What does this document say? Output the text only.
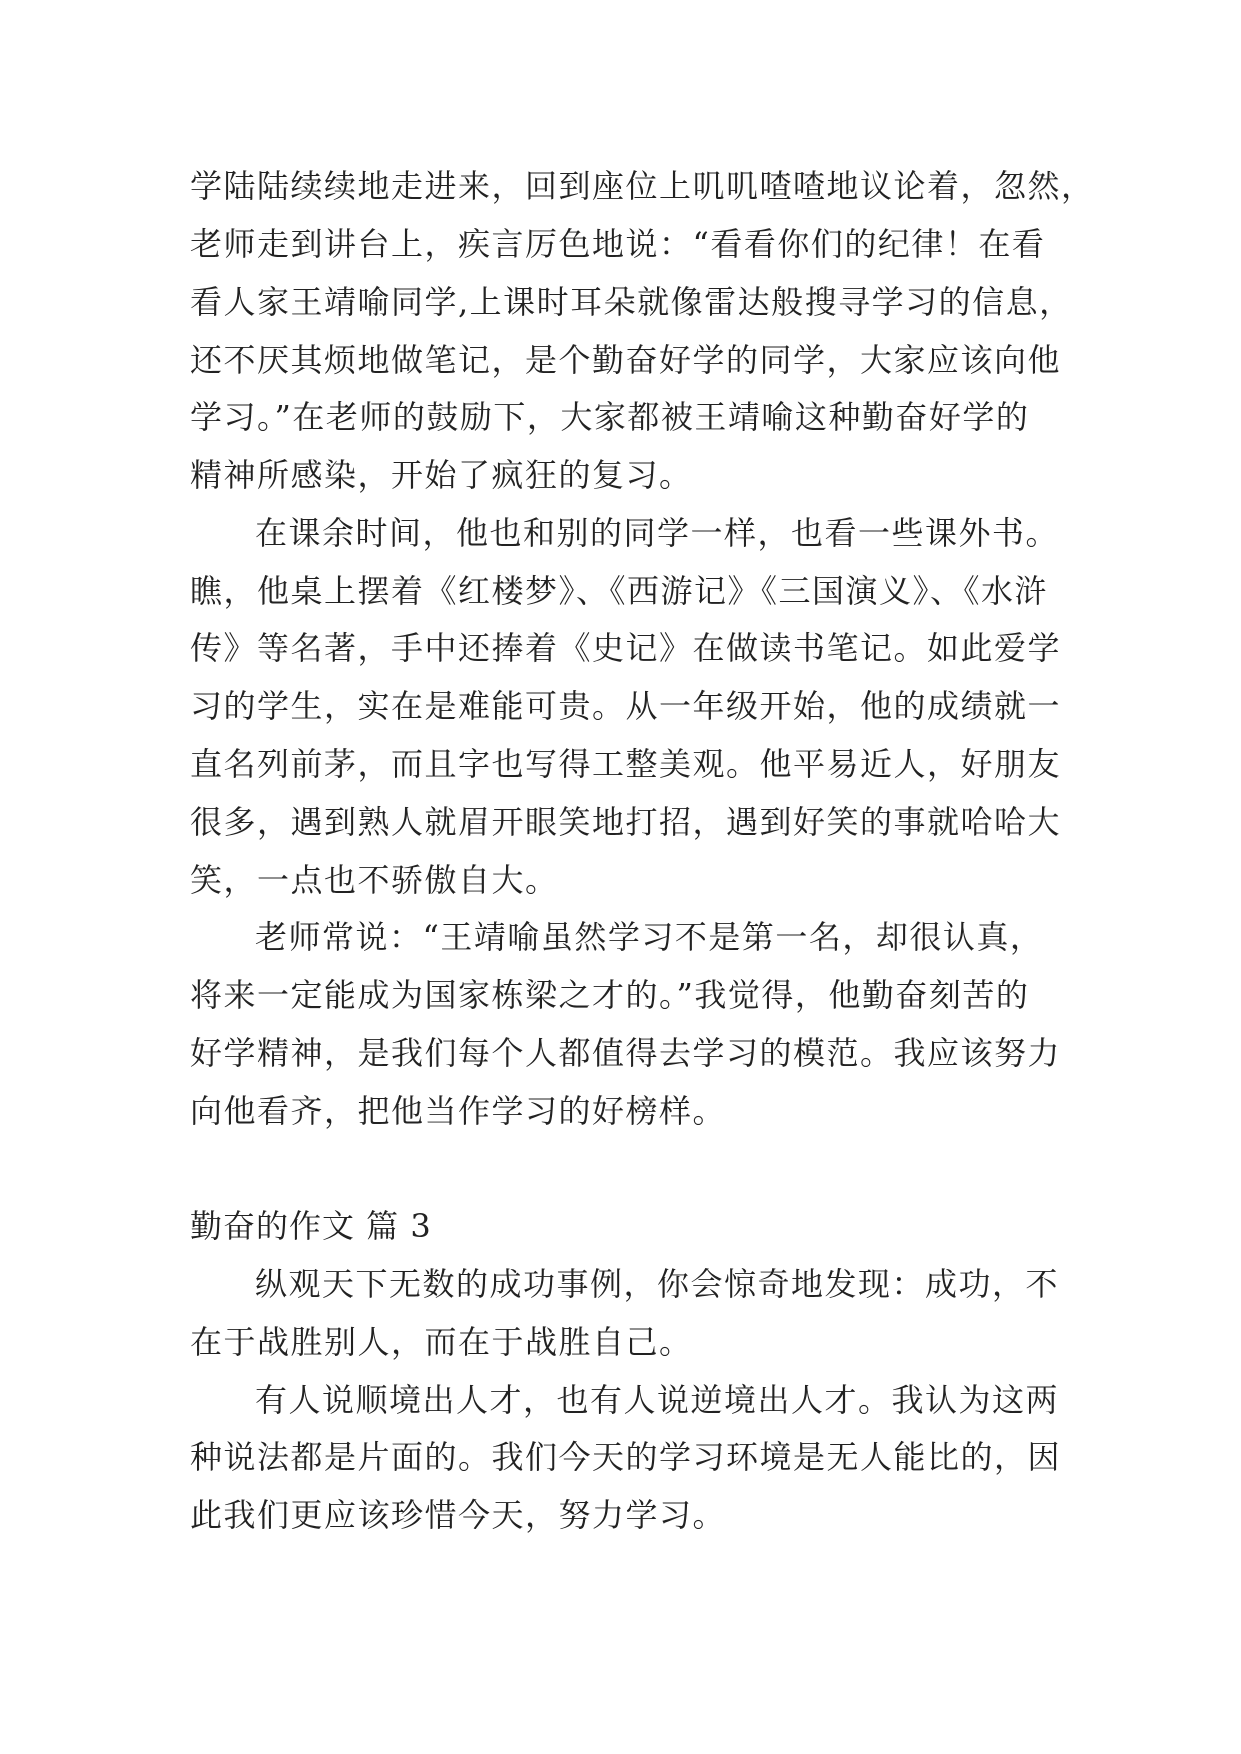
学陆陆续续地走进来，回到座位上叽叽喳喳地议论着，忽然，
老师走到讲台上，疾言厉色地说：“看看你们的纪律！在看
看人家王靖喻同学,上课时耳朵就像雷达般搜寻学习的信息，
还不厌其烦地做笔记，是个勤奋好学的同学，大家应该向他
学习。”在老师的鼓励下，大家都被王靖喻这种勤奋好学的
精神所感染，开始了疯狂的复习。
在课余时间，他也和别的同学一样，也看一些课外书。
瞧，他桌上摆着《红楼梦》、《西游记》《三国演义》、《水浒
传》等名著，手中还捧着《史记》在做读书笔记。如此爱学
习的学生，实在是难能可贵。从一年级开始，他的成绩就一
直名列前茅，而且字也写得工整美观。他平易近人，好朋友
很多，遇到熟人就眉开眼笑地打招，遇到好笑的事就哈哈大
笑，一点也不骄傲自大。
老师常说：“王靖喻虽然学习不是第一名，却很认真，
将来一定能成为国家栋梁之才的。”我觉得，他勤奋刻苦的
好学精神，是我们每个人都值得去学习的模范。我应该努力
向他看齐，把他当作学习的好榜样。
勤奋的作文 篇 3
纵观天下无数的成功事例，你会惊奇地发现：成功，不
在于战胜别人，而在于战胜自己。
有人说顺境出人才，也有人说逆境出人才。我认为这两
种说法都是片面的。我们今天的学习环境是无人能比的，因
此我们更应该珍惜今天，努力学习。
